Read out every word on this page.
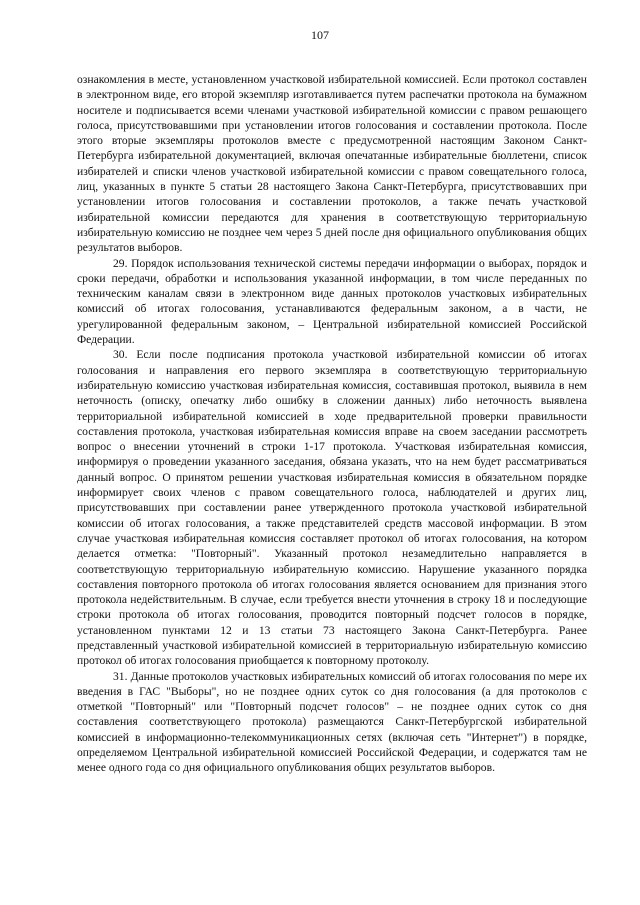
107

ознакомления в месте, установленном участковой избирательной комиссией. Если протокол составлен в электронном виде, его второй экземпляр изготавливается путем распечатки протокола на бумажном носителе и подписывается всеми членами участковой избирательной комиссии с правом решающего голоса, присутствовавшими при установлении итогов голосования и составлении протокола. После этого вторые экземпляры протоколов вместе с предусмотренной настоящим Законом Санкт-Петербурга избирательной документацией, включая опечатанные избирательные бюллетени, список избирателей и списки членов участковой избирательной комиссии с правом совещательного голоса, лиц, указанных в пункте 5 статьи 28 настоящего Закона Санкт-Петербурга, присутствовавших при установлении итогов голосования и составлении протоколов, а также печать участковой избирательной комиссии передаются для хранения в соответствующую территориальную избирательную комиссию не позднее чем через 5 дней после дня официального опубликования общих результатов выборов.

29. Порядок использования технической системы передачи информации о выборах, порядок и сроки передачи, обработки и использования указанной информации, в том числе переданных по техническим каналам связи в электронном виде данных протоколов участковых избирательных комиссий об итогах голосования, устанавливаются федеральным законом, а в части, не урегулированной федеральным законом, – Центральной избирательной комиссией Российской Федерации.

30. Если после подписания протокола участковой избирательной комиссии об итогах голосования и направления его первого экземпляра в соответствующую территориальную избирательную комиссию участковая избирательная комиссия, составившая протокол, выявила в нем неточность (описку, опечатку либо ошибку в сложении данных) либо неточность выявлена территориальной избирательной комиссией в ходе предварительной проверки правильности составления протокола, участковая избирательная комиссия вправе на своем заседании рассмотреть вопрос о внесении уточнений в строки 1-17 протокола. Участковая избирательная комиссия, информируя о проведении указанного заседания, обязана указать, что на нем будет рассматриваться данный вопрос. О принятом решении участковая избирательная комиссия в обязательном порядке информирует своих членов с правом совещательного голоса, наблюдателей и других лиц, присутствовавших при составлении ранее утвержденного протокола участковой избирательной комиссии об итогах голосования, а также представителей средств массовой информации. В этом случае участковая избирательная комиссия составляет протокол об итогах голосования, на котором делается отметка: "Повторный". Указанный протокол незамедлительно направляется в соответствующую территориальную избирательную комиссию. Нарушение указанного порядка составления повторного протокола об итогах голосования является основанием для признания этого протокола недействительным. В случае, если требуется внести уточнения в строку 18 и последующие строки протокола об итогах голосования, проводится повторный подсчет голосов в порядке, установленном пунктами 12 и 13 статьи 73 настоящего Закона Санкт-Петербурга. Ранее представленный участковой избирательной комиссией в территориальную избирательную комиссию протокол об итогах голосования приобщается к повторному протоколу.

31. Данные протоколов участковых избирательных комиссий об итогах голосования по мере их введения в ГАС "Выборы", но не позднее одних суток со дня голосования (а для протоколов с отметкой "Повторный" или "Повторный подсчет голосов" – не позднее одних суток со дня составления соответствующего протокола) размещаются Санкт-Петербургской избирательной комиссией в информационно-телекоммуникационных сетях (включая сеть "Интернет") в порядке, определяемом Центральной избирательной комиссией Российской Федерации, и содержатся там не менее одного года со дня официального опубликования общих результатов выборов.
